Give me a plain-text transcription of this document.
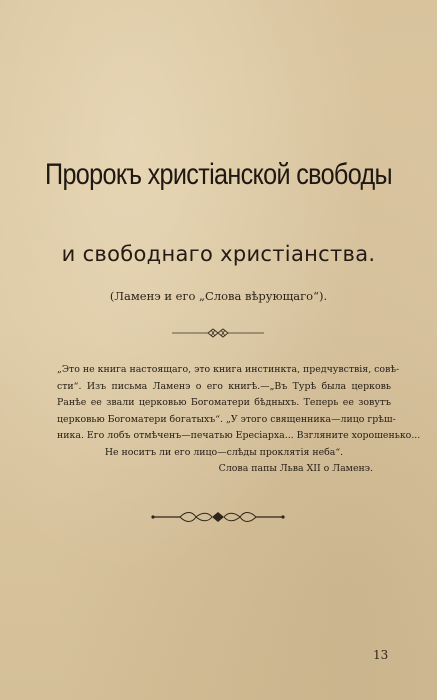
Пророкъ христіанской свободы
и свободнаго христіанства.
(Ламенэ и его „Слова вѣрующаго“).
„Это не книга настоящаго, это книга инстинкта, предчувствія, совѣ-
сти“. Изъ письма Ламенэ о его книгѣ.—„Въ Турѣ была церковь
Ранѣе ее звали церковью Богоматери бѣдныхъ. Теперь ее зовутъ
церковью Богоматери богатыхъ“. „У этого священника—лицо грѣш-
ника. Его лобъ отмѣченъ—печатью Ересіарха... Взгляните хорошенько...
Не носитъ ли его лицо—слѣды проклятія неба“.
Слова папы Льва XII о Ламенэ.
13
